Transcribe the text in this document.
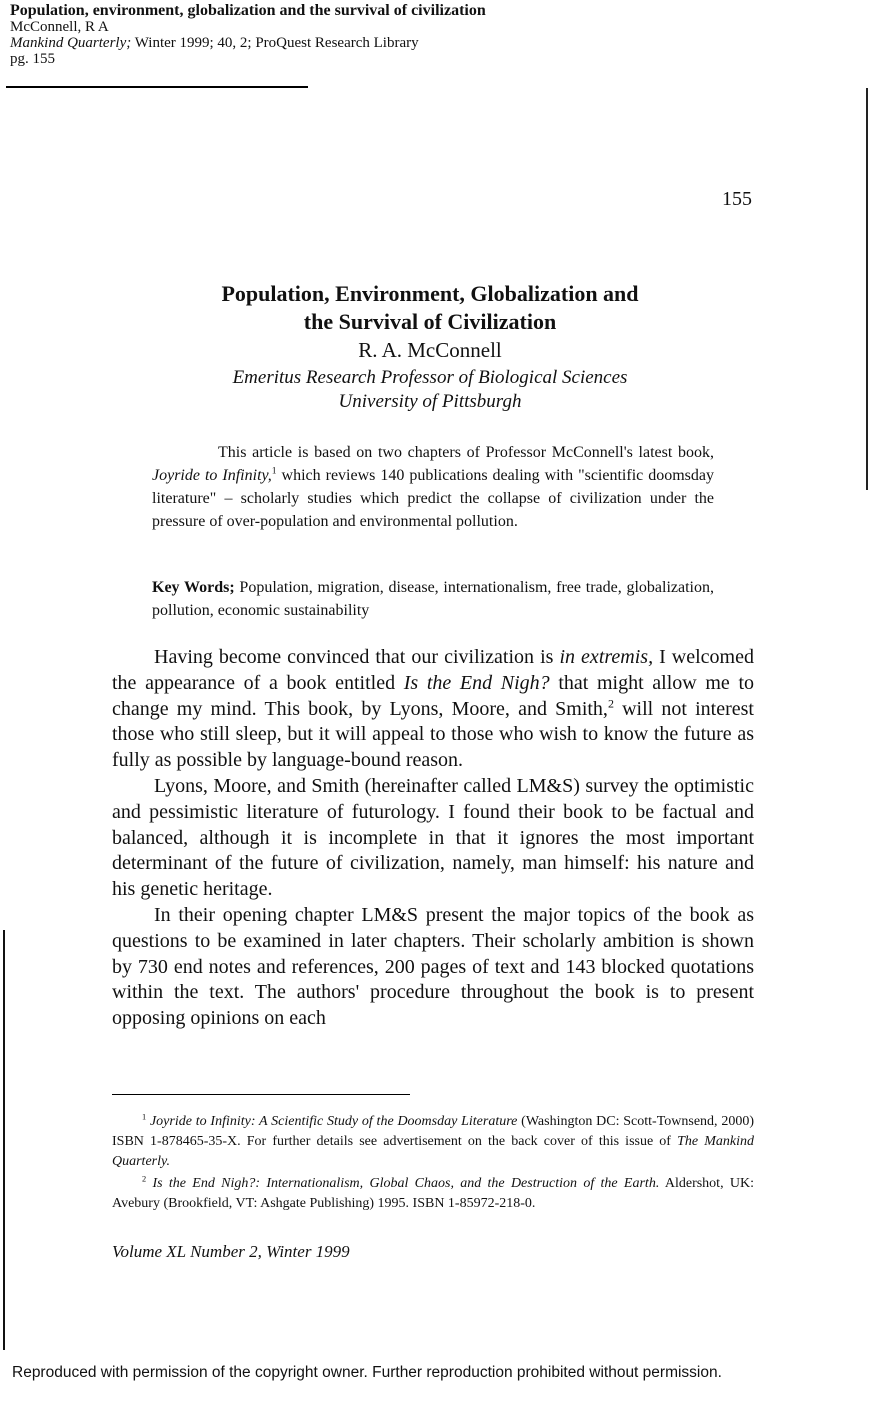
Population, environment, globalization and the survival of civilization
McConnell, R A
Mankind Quarterly; Winter 1999; 40, 2; ProQuest Research Library
pg. 155
155
Population, Environment, Globalization and
the Survival of Civilization
R. A. McConnell
Emeritus Research Professor of Biological Sciences
University of Pittsburgh
This article is based on two chapters of Professor McConnell's latest book, Joyride to Infinity,$^1$ which reviews 140 publications dealing with "scientific doomsday literature" – scholarly studies which predict the collapse of civilization under the pressure of over-population and environmental pollution.
Key Words; Population, migration, disease, internationalism, free trade, globalization, pollution, economic sustainability

Having become convinced that our civilization is in extremis, I welcomed the appearance of a book entitled Is the End Nigh? that might allow me to change my mind. This book, by Lyons, Moore, and Smith,$^2$ will not interest those who still sleep, but it will appeal to those who wish to know the future as fully as possible by language-bound reason.

Lyons, Moore, and Smith (hereinafter called LM&S) survey the optimistic and pessimistic literature of futurology. I found their book to be factual and balanced, although it is incomplete in that it ignores the most important determinant of the future of civilization, namely, man himself: his nature and his genetic heritage.

In their opening chapter LM&S present the major topics of the book as questions to be examined in later chapters. Their scholarly ambition is shown by 730 end notes and references, 200 pages of text and 143 blocked quotations within the text. The authors' procedure throughout the book is to present opposing opinions on each

$^1$ Joyride to Infinity: A Scientific Study of the Doomsday Literature (Washington DC: Scott-Townsend, 2000) ISBN 1-878465-35-X. For further details see advertisement on the back cover of this issue of The Mankind Quarterly.
$^2$ Is the End Nigh?: Internationalism, Global Chaos, and the Destruction of the Earth. Aldershot, UK: Avebury (Brookfield, VT: Ashgate Publishing) 1995. ISBN 1-85972-218-0.
Volume XL Number 2, Winter 1999
Reproduced with permission of the copyright owner. Further reproduction prohibited without permission.
